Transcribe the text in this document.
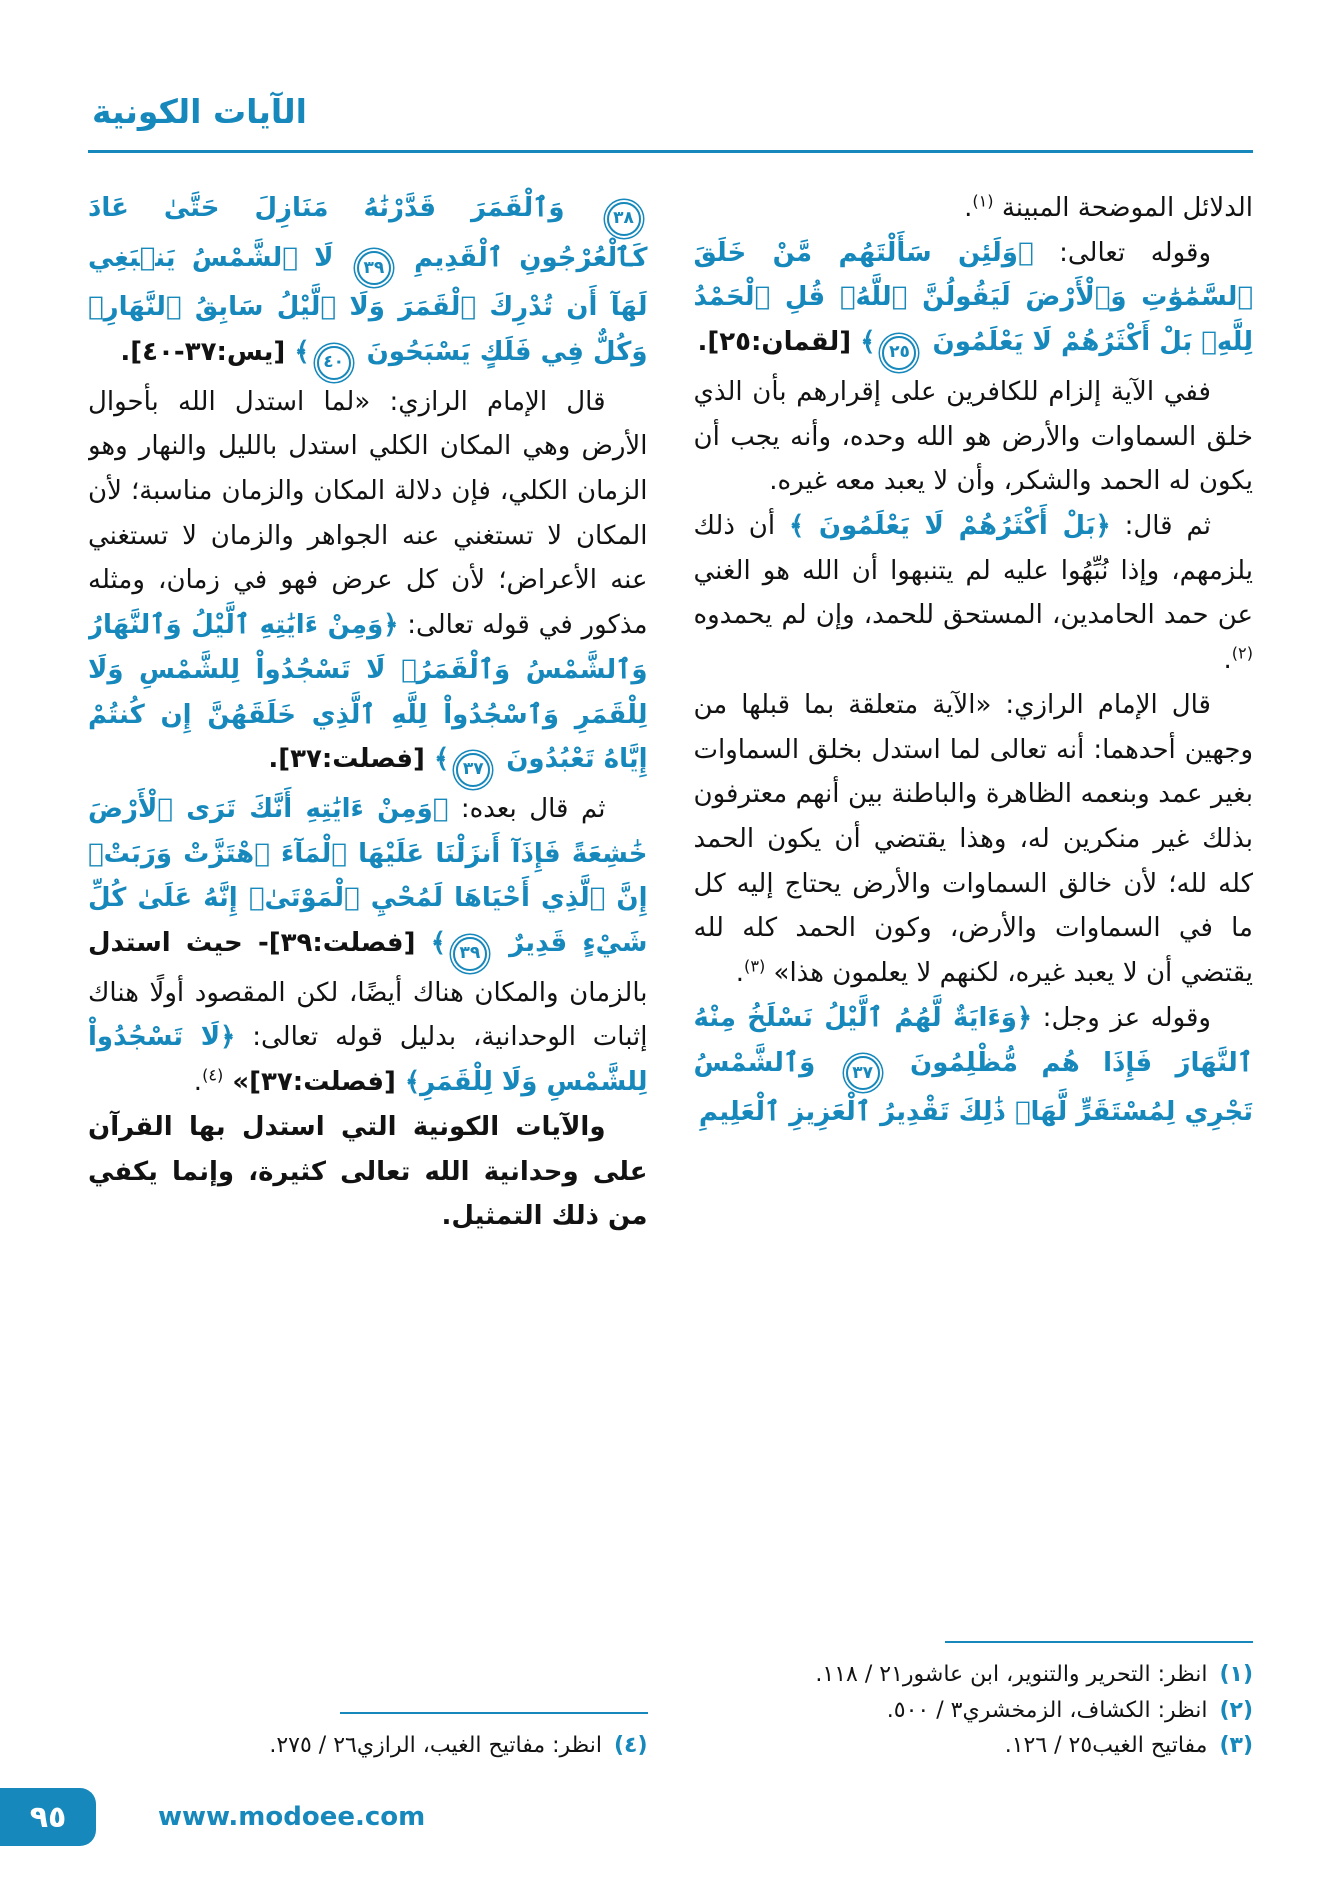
الآيات الكونية

الدلائل الموضحة المبينة $^{(١)}$.

وقوله تعالى: ﴿وَلَئِن سَأَلْتَهُم مَّنْ خَلَقَ ٱلسَّمَٰوَٰتِ وَٱلْأَرْضَ لَيَقُولُنَّ ٱللَّهُۚ قُلِ ٱلْحَمْدُ لِلَّهِۚ بَلْ أَكْثَرُهُمْ لَا يَعْلَمُونَ ٢٥﴾ [لقمان:٢٥].

ففي الآية إلزام للكافرين على إقرارهم بأن الذي خلق السماوات والأرض هو الله وحده، وأنه يجب أن يكون له الحمد والشكر، وأن لا يعبد معه غيره.

ثم قال: ﴿بَلْ أَكْثَرُهُمْ لَا يَعْلَمُونَ ﴾ أن ذلك يلزمهم، وإذا نُبِّهُوا عليه لم يتنبهوا أن الله هو الغني عن حمد الحامدين، المستحق للحمد، وإن لم يحمدوه $^{(٢)}$.

قال الإمام الرازي: «الآية متعلقة بما قبلها من وجهين أحدهما: أنه تعالى لما استدل بخلق السماوات بغير عمد وبنعمه الظاهرة والباطنة بين أنهم معترفون بذلك غير منكرين له، وهذا يقتضي أن يكون الحمد كله لله؛ لأن خالق السماوات والأرض يحتاج إليه كل ما في السماوات والأرض، وكون الحمد كله لله يقتضي أن لا يعبد غيره، لكنهم لا يعلمون هذا» $^{(٣)}$.

وقوله عز وجل: ﴿وَءَايَةٌ لَّهُمُ ٱلَّيْلُ نَسْلَخُ مِنْهُ ٱلنَّهَارَ فَإِذَا هُم مُّظْلِمُونَ ٣٧ وَٱلشَّمْسُ تَجْرِي لِمُسْتَقَرٍّ لَّهَاۚ ذَٰلِكَ تَقْدِيرُ ٱلْعَزِيزِ ٱلْعَلِيمِ

(١)
انظر: التحرير والتنوير، ابن عاشور٢١ / ١١٨.
(٢)
انظر: الكشاف، الزمخشري٣ / ٥٠٠.
(٣)
مفاتيح الغيب٢٥ / ١٢٦.

٣٨ وَٱلْقَمَرَ قَدَّرْنَٰهُ مَنَازِلَ حَتَّىٰ عَادَ كَٱلْعُرْجُونِ ٱلْقَدِيمِ ٣٩ لَا ٱلشَّمْسُ يَنۢبَغِي لَهَآ أَن تُدْرِكَ ٱلْقَمَرَ وَلَا ٱلَّيْلُ سَابِقُ ٱلنَّهَارِۚ وَكُلٌّ فِي فَلَكٍ يَسْبَحُونَ ٤٠﴾ [يس:٣٧-٤٠].

قال الإمام الرازي: «لما استدل الله بأحوال الأرض وهي المكان الكلي استدل بالليل والنهار وهو الزمان الكلي، فإن دلالة المكان والزمان مناسبة؛ لأن المكان لا تستغني عنه الجواهر والزمان لا تستغني عنه الأعراض؛ لأن كل عرض فهو في زمان، ومثله مذكور في قوله تعالى: ﴿وَمِنْ ءَايَٰتِهِ ٱلَّيْلُ وَٱلنَّهَارُ وَٱلشَّمْسُ وَٱلْقَمَرُۚ لَا تَسْجُدُواْ لِلشَّمْسِ وَلَا لِلْقَمَرِ وَٱسْجُدُواْ لِلَّهِ ٱلَّذِي خَلَقَهُنَّ إِن كُنتُمْ إِيَّاهُ تَعْبُدُونَ ٣٧﴾ [فصلت:٣٧].

ثم قال بعده: ﴿وَمِنْ ءَايَٰتِهِ أَنَّكَ تَرَى ٱلْأَرْضَ خَٰشِعَةً فَإِذَآ أَنزَلْنَا عَلَيْهَا ٱلْمَآءَ ٱهْتَزَّتْ وَرَبَتْۚ إِنَّ ٱلَّذِي أَحْيَاهَا لَمُحْيِ ٱلْمَوْتَىٰۚ إِنَّهُ عَلَىٰ كُلِّ شَيْءٍ قَدِيرٌ ٣٩﴾ [فصلت:٣٩]- حيث استدل بالزمان والمكان هناك أيضًا، لكن المقصود أولًا هناك إثبات الوحدانية، بدليل قوله تعالى: ﴿لَا تَسْجُدُواْ لِلشَّمْسِ وَلَا لِلْقَمَرِ﴾ [فصلت:٣٧]» $^{(٤)}$.

والآيات الكونية التي استدل بها القرآن على وحدانية الله تعالى كثيرة، وإنما يكفي من ذلك التمثيل.

(٤)
انظر: مفاتيح الغيب، الرازي٢٦ / ٢٧٥.
٩٥	www.modoee.com
